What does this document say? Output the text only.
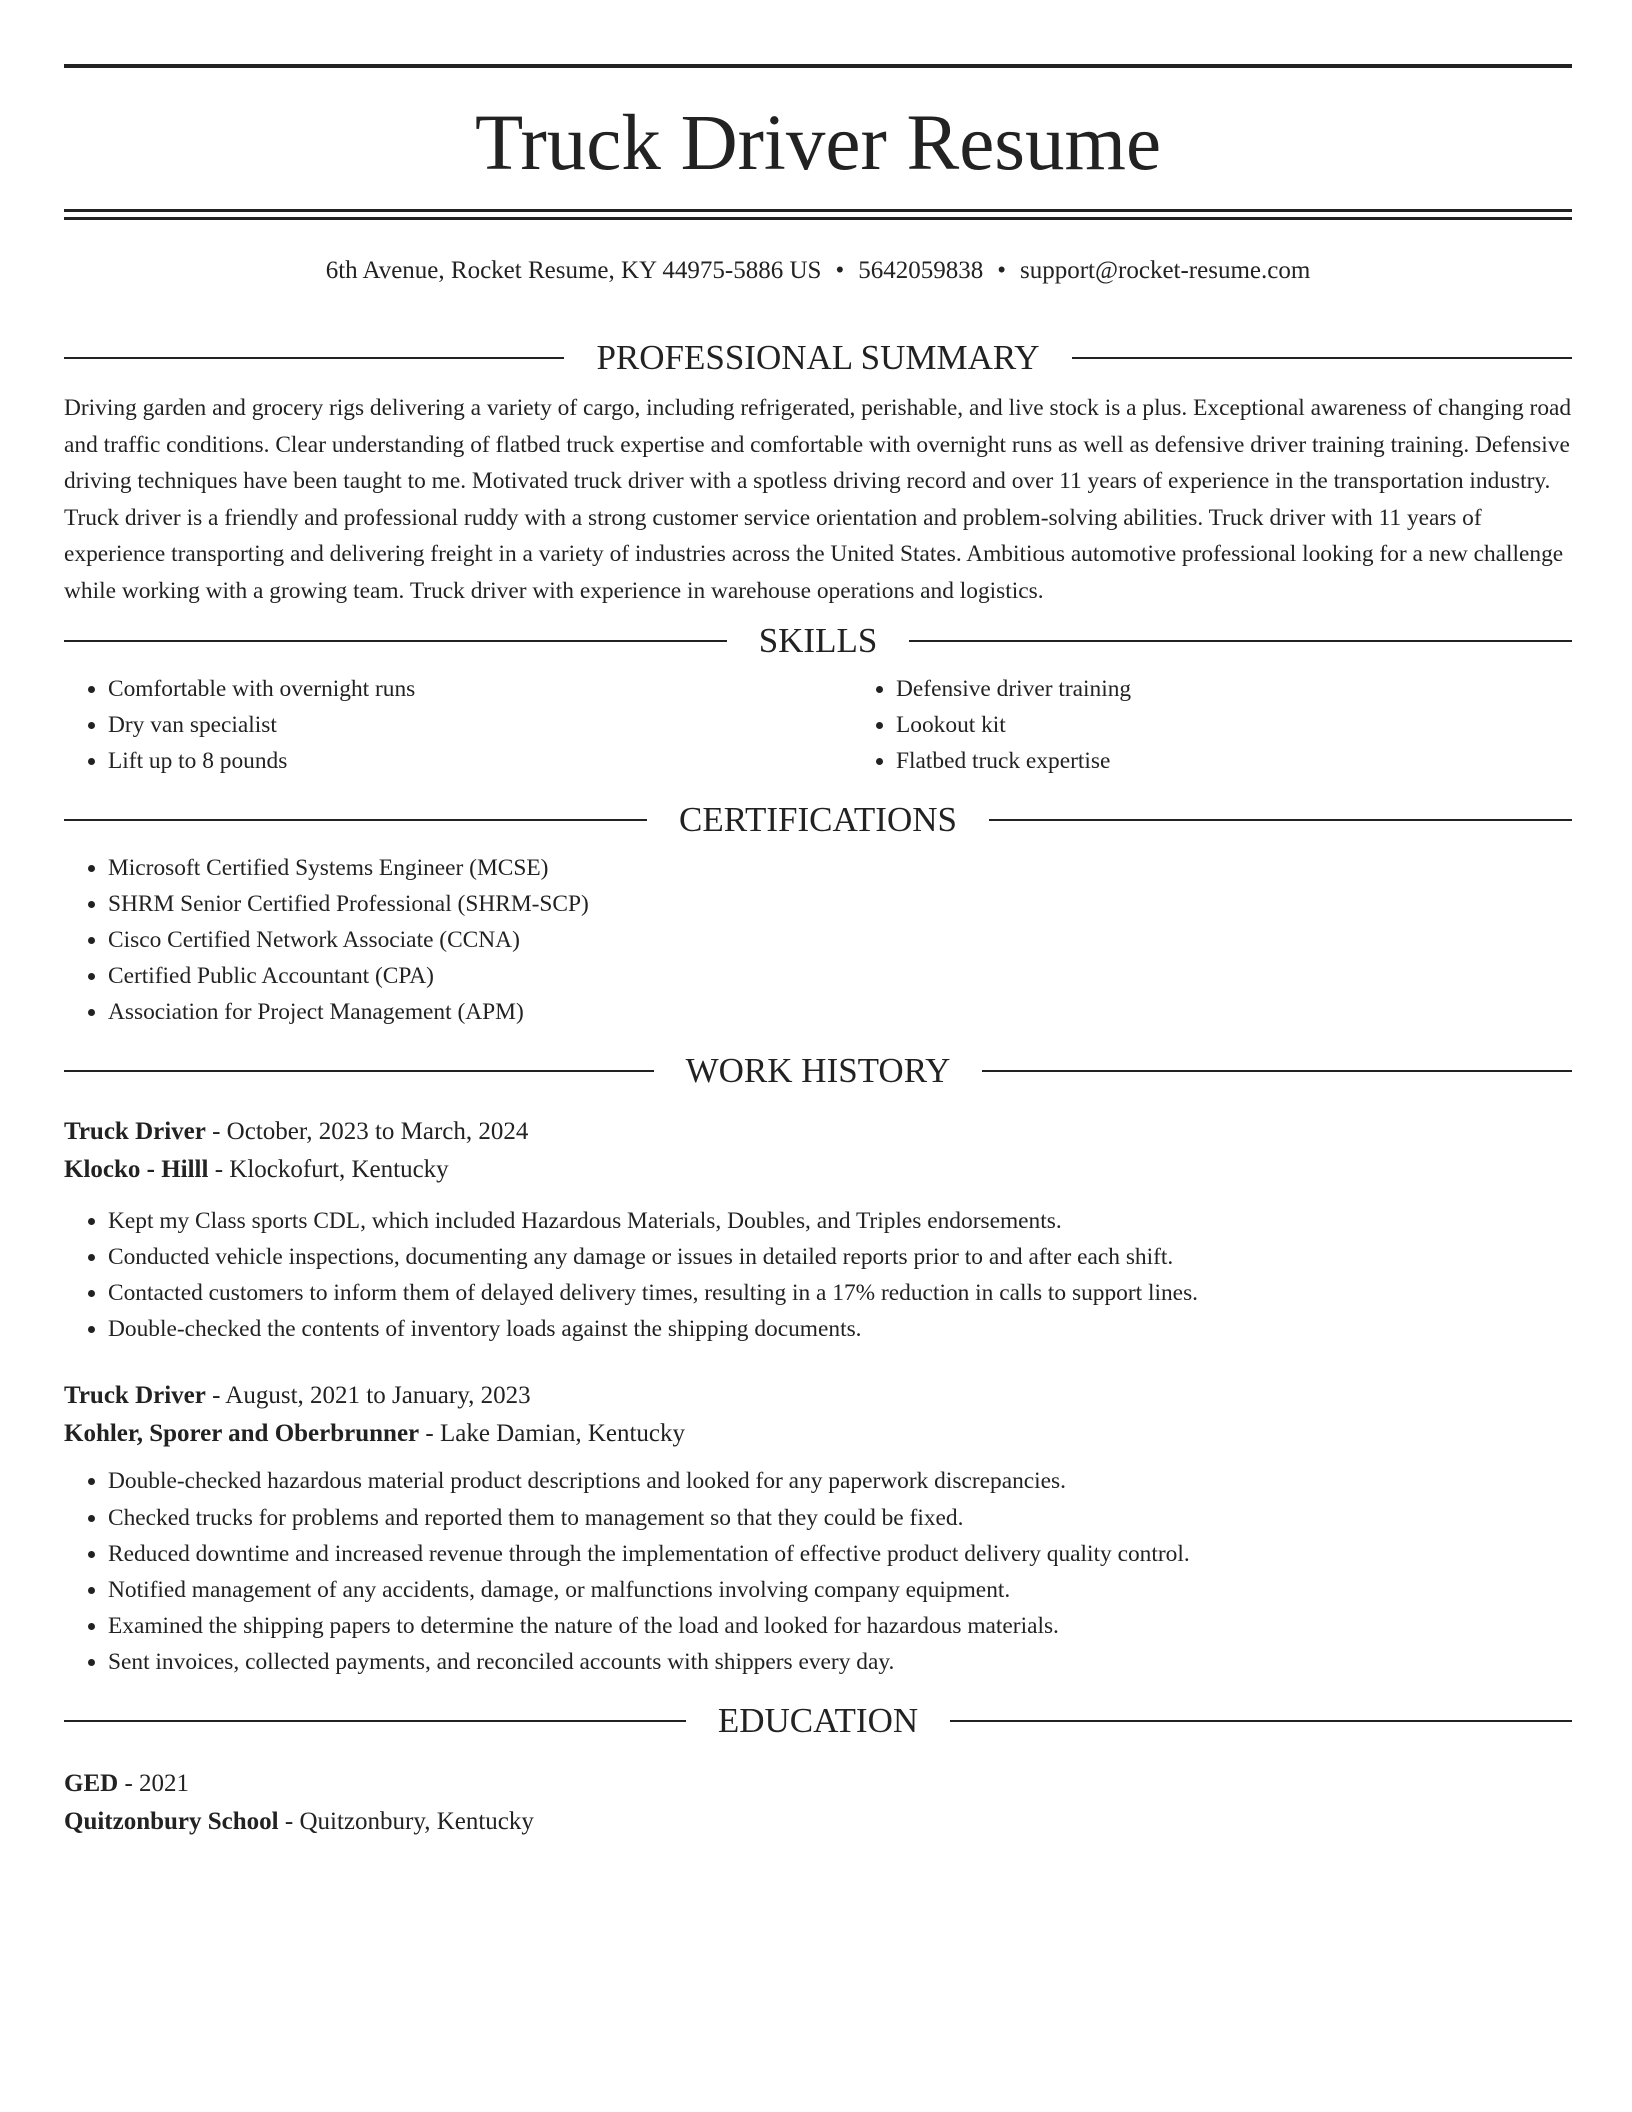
Truck Driver Resume
6th Avenue, Rocket Resume, KY 44975-5886 US • 5642059838 • support@rocket-resume.com
PROFESSIONAL SUMMARY

Driving garden and grocery rigs delivering a variety of cargo, including refrigerated, perishable, and live stock is a plus. Exceptional awareness of changing road and traffic conditions. Clear understanding of flatbed truck expertise and comfortable with overnight runs as well as defensive driver training training. Defensive driving techniques have been taught to me. Motivated truck driver with a spotless driving record and over 11 years of experience in the transportation industry. Truck driver is a friendly and professional ruddy with a strong customer service orientation and problem-solving abilities. Truck driver with 11 years of experience transporting and delivering freight in a variety of industries across the United States. Ambitious automotive professional looking for a new challenge while working with a growing team. Truck driver with experience in warehouse operations and logistics.

SKILLS
• Comfortable with overnight runs
• Dry van specialist
• Lift up to 8 pounds
• Defensive driver training
• Lookout kit
• Flatbed truck expertise
CERTIFICATIONS
• Microsoft Certified Systems Engineer (MCSE)
• SHRM Senior Certified Professional (SHRM-SCP)
• Cisco Certified Network Associate (CCNA)
• Certified Public Accountant (CPA)
• Association for Project Management (APM)
WORK HISTORY
Truck Driver - October, 2023 to March, 2024
Klocko - Hilll - Klockofurt, Kentucky
• Kept my Class sports CDL, which included Hazardous Materials, Doubles, and Triples endorsements.
• Conducted vehicle inspections, documenting any damage or issues in detailed reports prior to and after each shift.
• Contacted customers to inform them of delayed delivery times, resulting in a 17% reduction in calls to support lines.
• Double-checked the contents of inventory loads against the shipping documents.
Truck Driver - August, 2021 to January, 2023
Kohler, Sporer and Oberbrunner - Lake Damian, Kentucky
• Double-checked hazardous material product descriptions and looked for any paperwork discrepancies.
• Checked trucks for problems and reported them to management so that they could be fixed.
• Reduced downtime and increased revenue through the implementation of effective product delivery quality control.
• Notified management of any accidents, damage, or malfunctions involving company equipment.
• Examined the shipping papers to determine the nature of the load and looked for hazardous materials.
• Sent invoices, collected payments, and reconciled accounts with shippers every day.
EDUCATION
GED - 2021
Quitzonbury School - Quitzonbury, Kentucky
